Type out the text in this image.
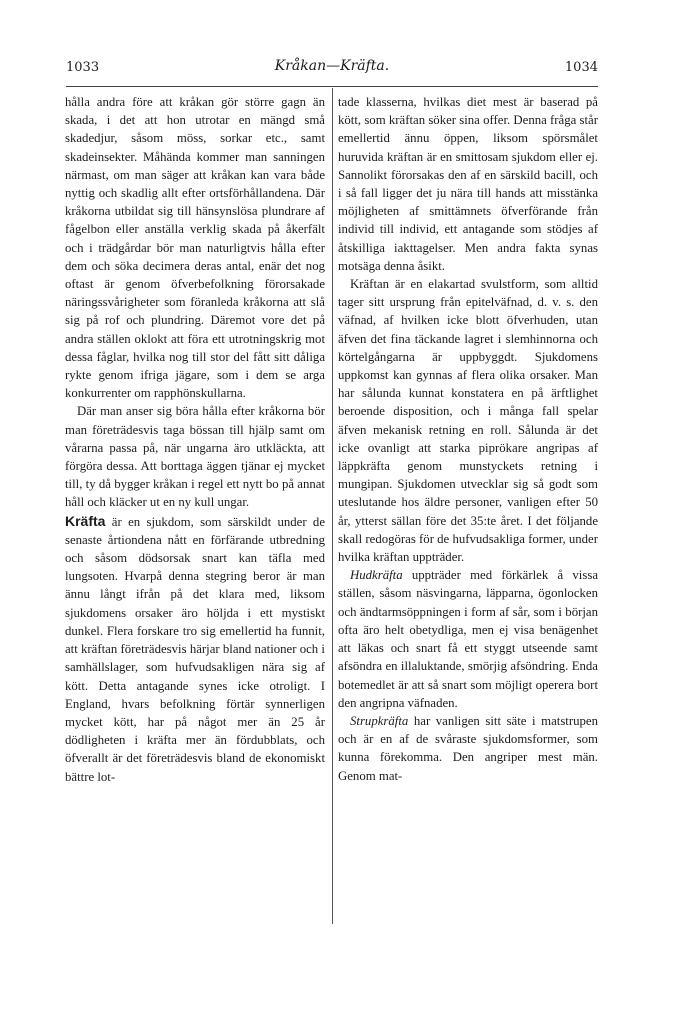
1033	Kråkan—Kräfta.	1034

hålla andra före att kråkan gör större gagn än skada, i det att hon utrotar en mängd små skadedjur, såsom möss, sorkar etc., samt skadeinsekter. Måhända kommer man sanningen närmast, om man säger att kråkan kan vara både nyttig och skadlig allt efter ortsförhållandena. Där kråkorna utbildat sig till hänsynslösa plundrare af fågelbon eller anställa verklig skada på åkerfält och i trädgårdar bör man naturligtvis hålla efter dem och söka decimera deras antal, enär det nog oftast är genom öfverbefolkning förorsakade näringssvårigheter som föranleda kråkorna att slå sig på rof och plundring. Däremot vore det på andra ställen oklokt att föra ett utrotningskrig mot dessa fåglar, hvilka nog till stor del fått sitt dåliga rykte genom ifriga jägare, som i dem se arga konkurrenter om rapphönskullarna.

Där man anser sig böra hålla efter kråkorna bör man företrädesvis taga bössan till hjälp samt om vårarna passa på, när ungarna äro utkläckta, att förgöra dessa. Att borttaga äggen tjänar ej mycket till, ty då bygger kråkan i regel ett nytt bo på annat håll och kläcker ut en ny kull ungar.

Kräfta är en sjukdom, som särskildt under de senaste årtiondena nått en förfärande utbredning och såsom dödsorsak snart kan täfla med lungsoten. Hvarpå denna stegring beror är man ännu långt ifrån på det klara med, liksom sjukdomens orsaker äro höljda i ett mystiskt dunkel. Flera forskare tro sig emellertid ha funnit, att kräftan företrädesvis härjar bland nationer och i samhällslager, som hufvudsakligen nära sig af kött. Detta antagande synes icke otroligt. I England, hvars befolkning förtär synnerligen mycket kött, har på något mer än 25 år dödligheten i kräfta mer än fördubblats, och öfverallt är det företrädesvis bland de ekonomiskt bättre lot-

tade klasserna, hvilkas diet mest är baserad på kött, som kräftan söker sina offer. Denna fråga står emellertid ännu öppen, liksom spörsmålet huruvida kräftan är en smittosam sjukdom eller ej. Sannolikt förorsakas den af en särskild bacill, och i så fall ligger det ju nära till hands att misstänka möjligheten af smittämnets öfverförande från individ till individ, ett antagande som stödjes af åtskilliga iakttagelser. Men andra fakta synas motsäga denna åsikt.

Kräftan är en elakartad svulstform, som alltid tager sitt ursprung från epitelväfnad, d. v. s. den väfnad, af hvilken icke blott öfverhuden, utan äfven det fina täckande lagret i slemhinnorna och körtelgångarna är uppbyggdt. Sjukdomens uppkomst kan gynnas af flera olika orsaker. Man har sålunda kunnat konstatera en på ärftlighet beroende disposition, och i många fall spelar äfven mekanisk retning en roll. Sålunda är det icke ovanligt att starka piprökare angripas af läppkräfta genom munstyckets retning i mungipan. Sjukdomen utvecklar sig så godt som uteslutande hos äldre personer, vanligen efter 50 år, ytterst sällan före det 35:te året. I det följande skall redogöras för de hufvudsakliga former, under hvilka kräftan uppträder.

Hudkräfta uppträder med förkärlek å vissa ställen, såsom näsvingarna, läpparna, ögonlocken och ändtarmsöppningen i form af sår, som i början ofta äro helt obetydliga, men ej visa benägenhet att läkas och snart få ett styggt utseende samt afsöndra en illaluktande, smörjig afsöndring. Enda botemedlet är att så snart som möjligt operera bort den angripna väfnaden.

Strupkräfta har vanligen sitt säte i matstrupen och är en af de svåraste sjukdomsformer, som kunna förekomma. Den angriper mest män. Genom mat-
